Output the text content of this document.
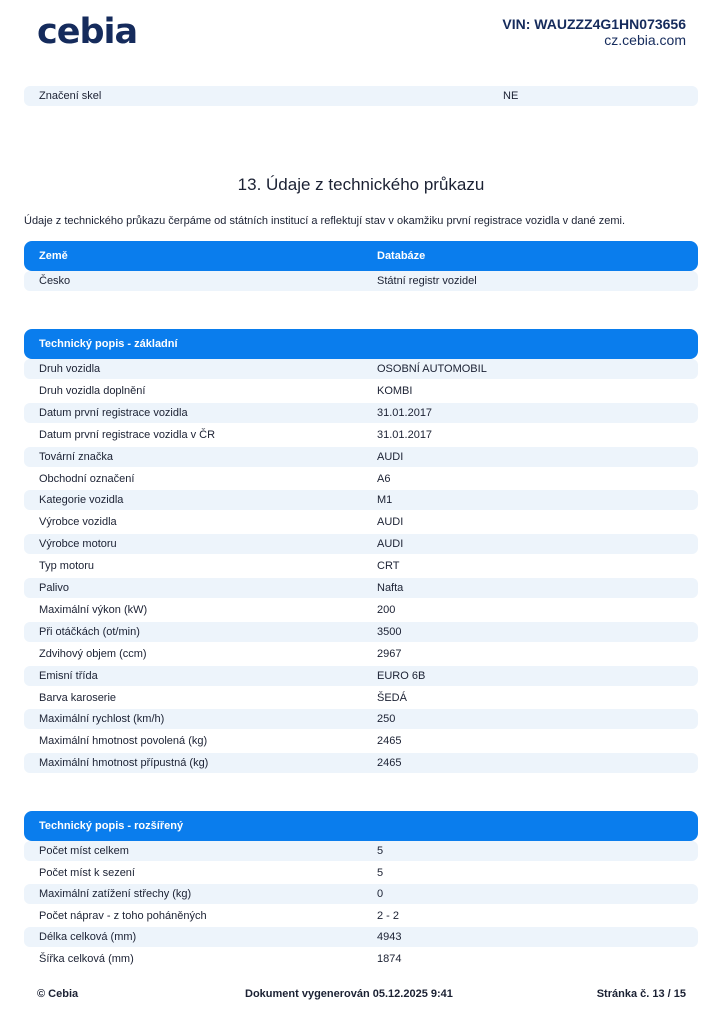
cebia	VIN: WAUZZZ4G1HN073656
cz.cebia.com
Značení skel	NE
13. Údaje z technického průkazu
Údaje z technického průkazu čerpáme od státních institucí a reflektují stav v okamžiku první registrace vozidla v dané zemi.
Země	Databáze
Česko	Státní registr vozidel
Technický popis - základní
Druh vozidla	OSOBNÍ AUTOMOBIL
Druh vozidla doplnění	KOMBI
Datum první registrace vozidla	31.01.2017
Datum první registrace vozidla v ČR	31.01.2017
Tovární značka	AUDI
Obchodní označení	A6
Kategorie vozidla	M1
Výrobce vozidla	AUDI
Výrobce motoru	AUDI
Typ motoru	CRT
Palivo	Nafta
Maximální výkon (kW)	200
Při otáčkách (ot/min)	3500
Zdvihový objem (ccm)	2967
Emisní třída	EURO 6B
Barva karoserie	ŠEDÁ
Maximální rychlost (km/h)	250
Maximální hmotnost povolená (kg)	2465
Maximální hmotnost přípustná (kg)	2465
Technický popis - rozšířený
Počet míst celkem	5
Počet míst k sezení	5
Maximální zatížení střechy (kg)	0
Počet náprav - z toho poháněných	2 - 2
Délka celková (mm)	4943
Šířka celková (mm)	1874
© Cebia	Dokument vygenerován 05.12.2025 9:41	Stránka č. 13 / 15
